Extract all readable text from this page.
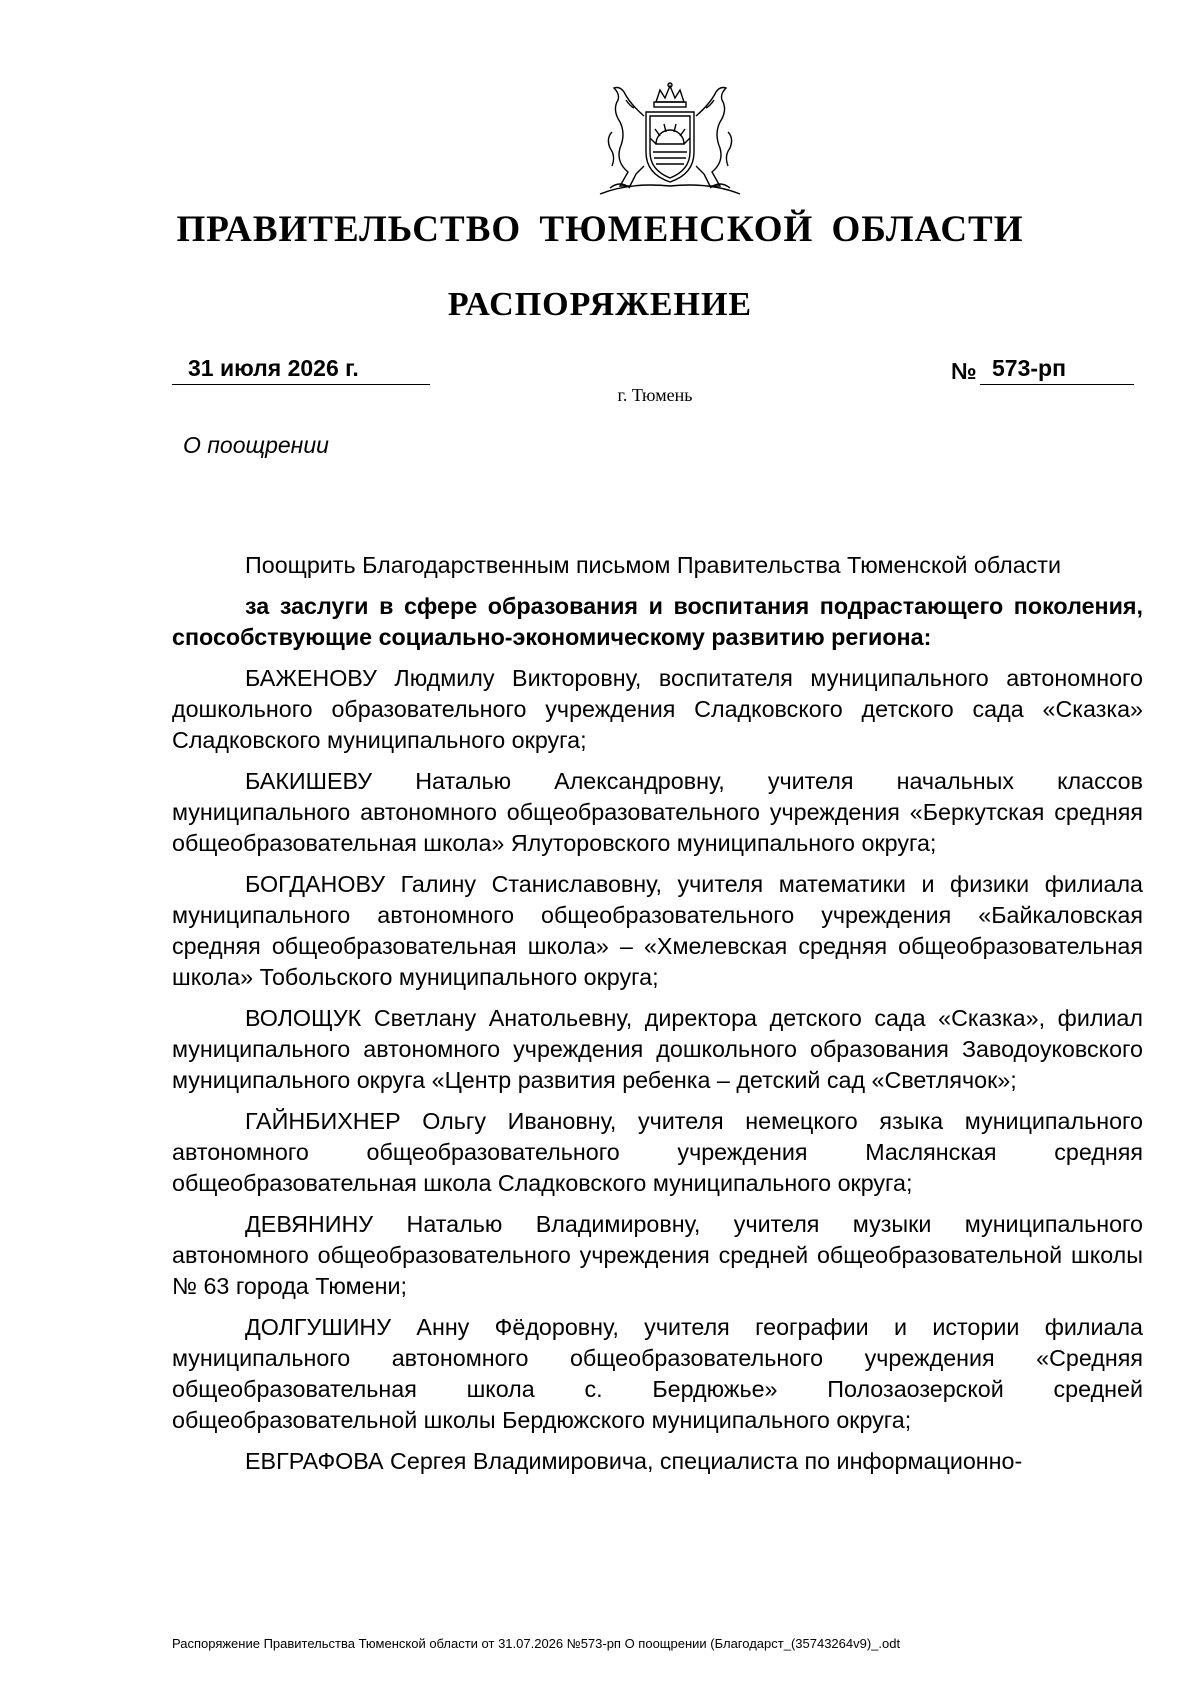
ПРАВИТЕЛЬСТВО ТЮМЕНСКОЙ ОБЛАСТИ
РАСПОРЯЖЕНИЕ
31 июля 2026 г.	№ 573-рп
г. Тюмень
О поощрении

Поощрить Благодарственным письмом Правительства Тюменской области

за заслуги в сфере образования и воспитания подрастающего поколения, способствующие социально-экономическому развитию региона:

БАЖЕНОВУ Людмилу Викторовну, воспитателя муниципального автономного дошкольного образовательного учреждения Сладковского детского сада «Сказка» Сладковского муниципального округа;

БАКИШЕВУ Наталью Александровну, учителя начальных классов муниципального автономного общеобразовательного учреждения «Беркутская средняя общеобразовательная школа» Ялуторовского муниципального округа;

БОГДАНОВУ Галину Станиславовну, учителя математики и физики филиала муниципального автономного общеобразовательного учреждения «Байкаловская средняя общеобразовательная школа» – «Хмелевская средняя общеобразовательная школа» Тобольского муниципального округа;

ВОЛОЩУК Светлану Анатольевну, директора детского сада «Сказка», филиал муниципального автономного учреждения дошкольного образования Заводоуковского муниципального округа «Центр развития ребенка – детский сад «Светлячок»;

ГАЙНБИХНЕР Ольгу Ивановну, учителя немецкого языка муниципального автономного общеобразовательного учреждения Маслянская средняя общеобразовательная школа Сладковского муниципального округа;

ДЕВЯНИНУ Наталью Владимировну, учителя музыки муниципального автономного общеобразовательного учреждения средней общеобразовательной школы № 63 города Тюмени;

ДОЛГУШИНУ Анну Фёдоровну, учителя географии и истории филиала муниципального автономного общеобразовательного учреждения «Средняя общеобразовательная школа с. Бердюжье» Полозаозерской средней общеобразовательной школы Бердюжского муниципального округа;

ЕВГРАФОВА Сергея Владимировича, специалиста по информационно-

Распоряжение Правительства Тюменской области от 31.07.2026 №573-рп О поощрении (Благодарст_(35743264v9)_.odt
